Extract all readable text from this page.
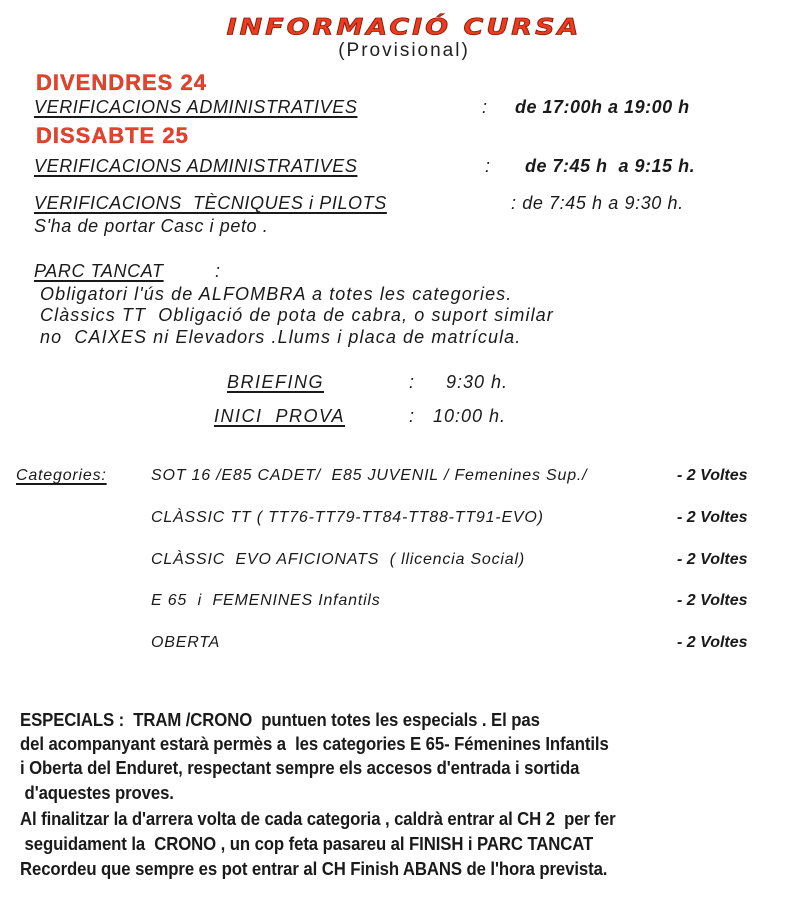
INFORMACIÓ CURSA
(Provisional)
DIVENDRES 24
VERIFICACIONS ADMINISTRATIVES	: de 17:00h a 19:00 h
DISSABTE 25
VERIFICACIONS ADMINISTRATIVES	: de 7:45 h  a 9:15 h.
VERIFICACIONS  TÈCNIQUES i PILOTS	: de 7:45 h a 9:30 h.
S'ha de portar Casc i peto .
PARC TANCAT	:
Obligatori l'ús de ALFOMBRA a totes les categories.
Clàssics TT  Obligació de pota de cabra, o suport similar
no  CAIXES ni Elevadors .Llums i placa de matrícula.
BRIEFING	: 9:30 h.
INICI  PROVA	: 10:00 h.
Categories:	SOT 16 /E85 CADET/  E85 JUVENIL / Femenines Sup./	- 2 Voltes
CLÀSSIC TT ( TT76-TT79-TT84-TT88-TT91-EVO)	- 2 Voltes
CLÀSSIC  EVO AFICIONATS  ( llicencia Social)	- 2 Voltes
E 65  i  FEMENINES Infantils	- 2 Voltes
OBERTA	- 2 Voltes
ESPECIALS :  TRAM /CRONO  puntuen totes les especials . El pas
del acompanyant estarà permès a  les categories E 65- Fémenines Infantils
i Oberta del Enduret, respectant sempre els accesos d'entrada i sortida
d'aquestes proves.
Al finalitzar la d'arrera volta de cada categoria , caldrà entrar al CH 2  per fer
seguidament la  CRONO , un cop feta pasareu al FINISH i PARC TANCAT
Recordeu que sempre es pot entrar al CH Finish ABANS de l'hora prevista.
